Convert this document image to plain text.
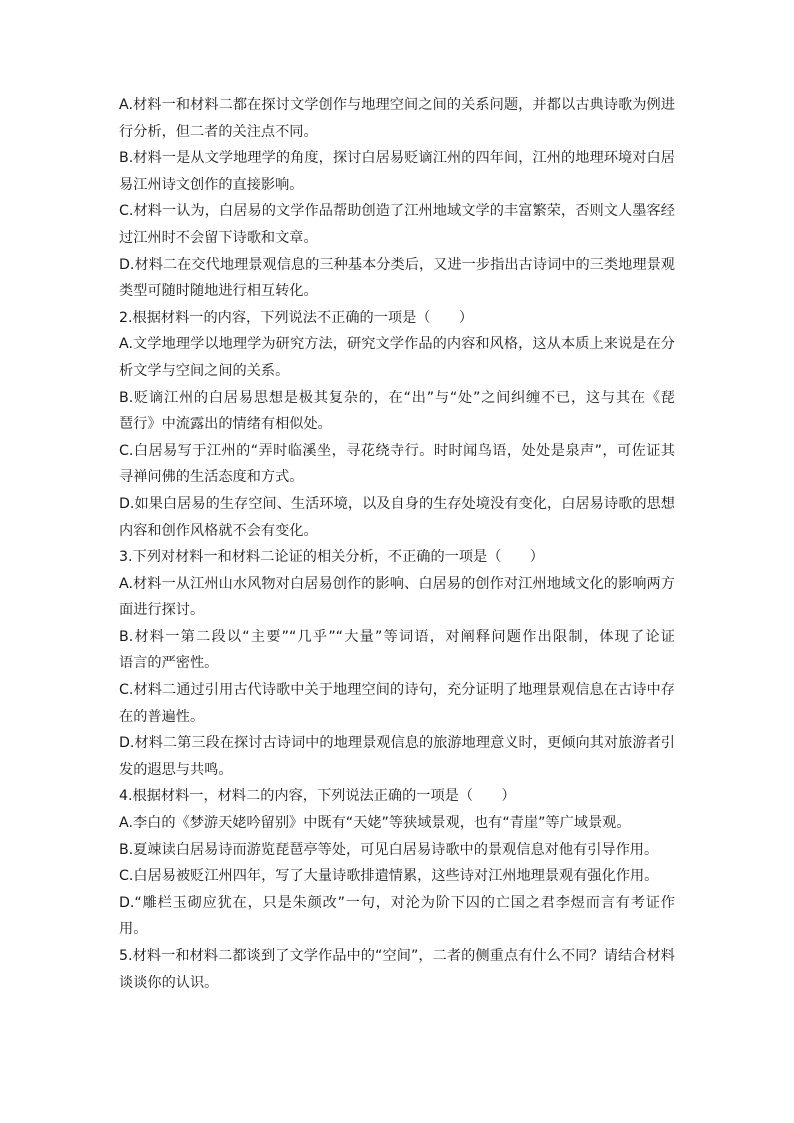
A.材料一和材料二都在探讨文学创作与地理空间之间的关系问题，并都以古典诗歌为例进
行分析，但二者的关注点不同。
B.材料一是从文学地理学的角度，探讨白居易贬谪江州的四年间，江州的地理环境对白居
易江州诗文创作的直接影响。
C.材料一认为，白居易的文学作品帮助创造了江州地域文学的丰富繁荣，否则文人墨客经
过江州时不会留下诗歌和文章。
D.材料二在交代地理景观信息的三种基本分类后，又进一步指出古诗词中的三类地理景观
类型可随时随地进行相互转化。
2.根据材料一的内容，下列说法不正确的一项是（　　）
A.文学地理学以地理学为研究方法，研究文学作品的内容和风格，这从本质上来说是在分
析文学与空间之间的关系。
B.贬谪江州的白居易思想是极其复杂的，在“出”与“处”之间纠缠不已，这与其在《琵
琶行》中流露出的情绪有相似处。
C.白居易写于江州的“弄时临溪坐，寻花绕寺行。时时闻鸟语，处处是泉声”，可佐证其
寻禅问佛的生活态度和方式。
D.如果白居易的生存空间、生活环境，以及自身的生存处境没有变化，白居易诗歌的思想
内容和创作风格就不会有变化。
3.下列对材料一和材料二论证的相关分析，不正确的一项是（　　）
A.材料一从江州山水风物对白居易创作的影响、白居易的创作对江州地域文化的影响两方
面进行探讨。
B.材料一第二段以“主要”“几乎”“大量”等词语，对阐释问题作出限制，体现了论证
语言的严密性。
C.材料二通过引用古代诗歌中关于地理空间的诗句，充分证明了地理景观信息在古诗中存
在的普遍性。
D.材料二第三段在探讨古诗词中的地理景观信息的旅游地理意义时，更倾向其对旅游者引
发的遐思与共鸣。
4.根据材料一，材料二的内容，下列说法正确的一项是（　　）
A.李白的《梦游天姥吟留别》中既有“天姥”等狭域景观，也有“青崖”等广域景观。
B.夏竦读白居易诗而游览琵琶亭等处，可见白居易诗歌中的景观信息对他有引导作用。
C.白居易被贬江州四年，写了大量诗歌排遣情累，这些诗对江州地理景观有强化作用。
D.“雕栏玉砌应犹在，只是朱颜改”一句，对沦为阶下囚的亡国之君李煜而言有考证作
用。
5.材料一和材料二都谈到了文学作品中的“空间”，二者的侧重点有什么不同？请结合材料
谈谈你的认识。
